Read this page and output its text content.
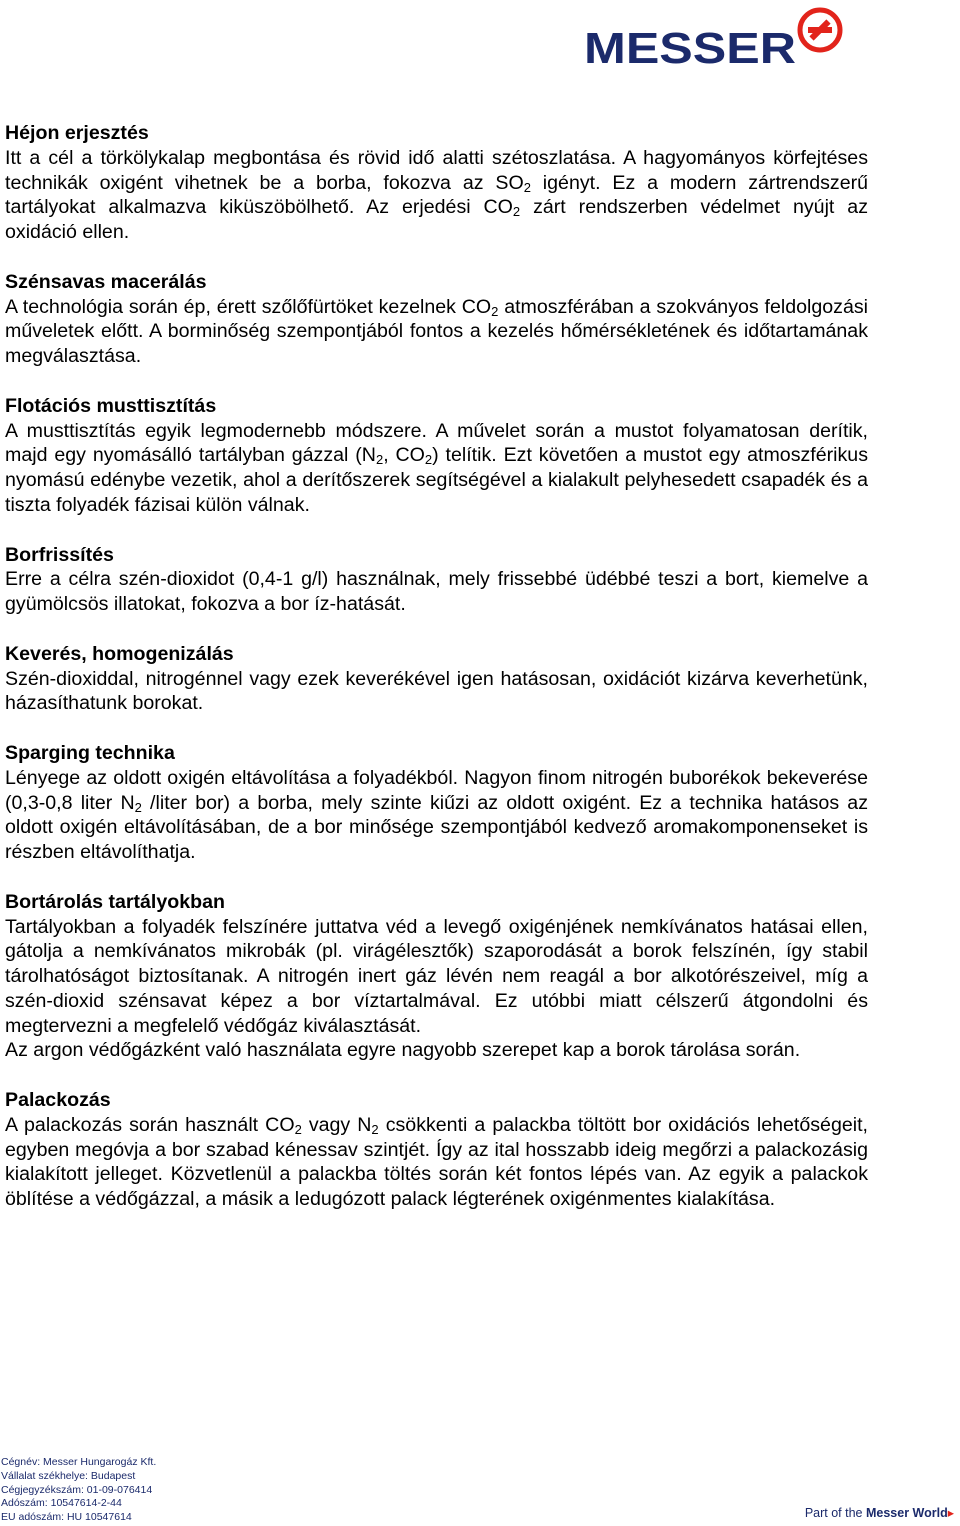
MESSER
Héjon erjesztés

Itt a cél a törkölykalap megbontása és rövid idő alatti szétoszlatása. A hagyományos körfejtéses technikák oxigént vihetnek be a borba, fokozva az $SO_2$ igényt. Ez a modern zártrendszerű tartályokat alkalmazva kiküszöbölhető. Az erjedési $CO_2$ zárt rendszerben védelmet nyújt az oxidáció ellen.

Szénsavas macerálás

A technológia során ép, érett szőlőfürtöket kezelnek $CO_2$ atmoszférában a szokványos feldolgozási műveletek előtt. A borminőség szempontjából fontos a kezelés hőmérsékletének és időtartamának megválasztása.

Flotációs musttisztítás

A musttisztítás egyik legmodernebb módszere. A művelet során a mustot folyamatosan derítik, majd egy nyomásálló tartályban gázzal ($N_2$, $CO_2$) telítik. Ezt követően a mustot egy atmoszférikus nyomású edénybe vezetik, ahol a derítőszerek segítségével a kialakult pelyhesedett csapadék és a tiszta folyadék fázisai külön válnak.

Borfrissítés

Erre a célra szén-dioxidot (0,4-1 g/l) használnak, mely frissebbé üdébbé teszi a bort, kiemelve a gyümölcsös illatokat, fokozva a bor íz-hatását.

Keverés, homogenizálás

Szén-dioxiddal, nitrogénnel vagy ezek keverékével igen hatásosan, oxidációt kizárva keverhetünk, házasíthatunk borokat.

Sparging technika

Lényege az oldott oxigén eltávolítása a folyadékból. Nagyon finom nitrogén buborékok bekeverése (0,3-0,8 liter $N_2$ /liter bor) a borba, mely szinte kiűzi az oldott oxigént. Ez a technika hatásos az oldott oxigén eltávolításában, de a bor minősége szempontjából kedvező aromakomponenseket is részben eltávolíthatja.

Bortárolás tartályokban

Tartályokban a folyadék felszínére juttatva véd a levegő oxigénjének nemkívánatos hatásai ellen, gátolja a nemkívánatos mikrobák (pl. virágélesztők) szaporodását a borok felszínén, így stabil tárolhatóságot biztosítanak. A nitrogén inert gáz lévén nem reagál a bor alkotórészeivel, míg a szén-dioxid szénsavat képez a bor víztartalmával. Ez utóbbi miatt célszerű átgondolni és megtervezni a megfelelő védőgáz kiválasztását.

Az argon védőgázként való használata egyre nagyobb szerepet kap a borok tárolása során.

Palackozás

A palackozás során használt $CO_2$ vagy $N_2$ csökkenti a palackba töltött bor oxidációs lehetőségeit, egyben megóvja a bor szabad kénessav szintjét. Így az ital hosszabb ideig megőrzi a palackozásig kialakított jelleget. Közvetlenül a palackba töltés során két fontos lépés van. Az egyik a palackok öblítése a védőgázzal, a másik a ledugózott palack légterének oxigénmentes kialakítása.

Cégnév: Messer Hungarogáz Kft.
Vállalat székhelye: Budapest
Cégjegyzékszám: 01-09-076414
Adószám: 10547614-2-44
EU adószám: HU 10547614	Part of the Messer World▸
